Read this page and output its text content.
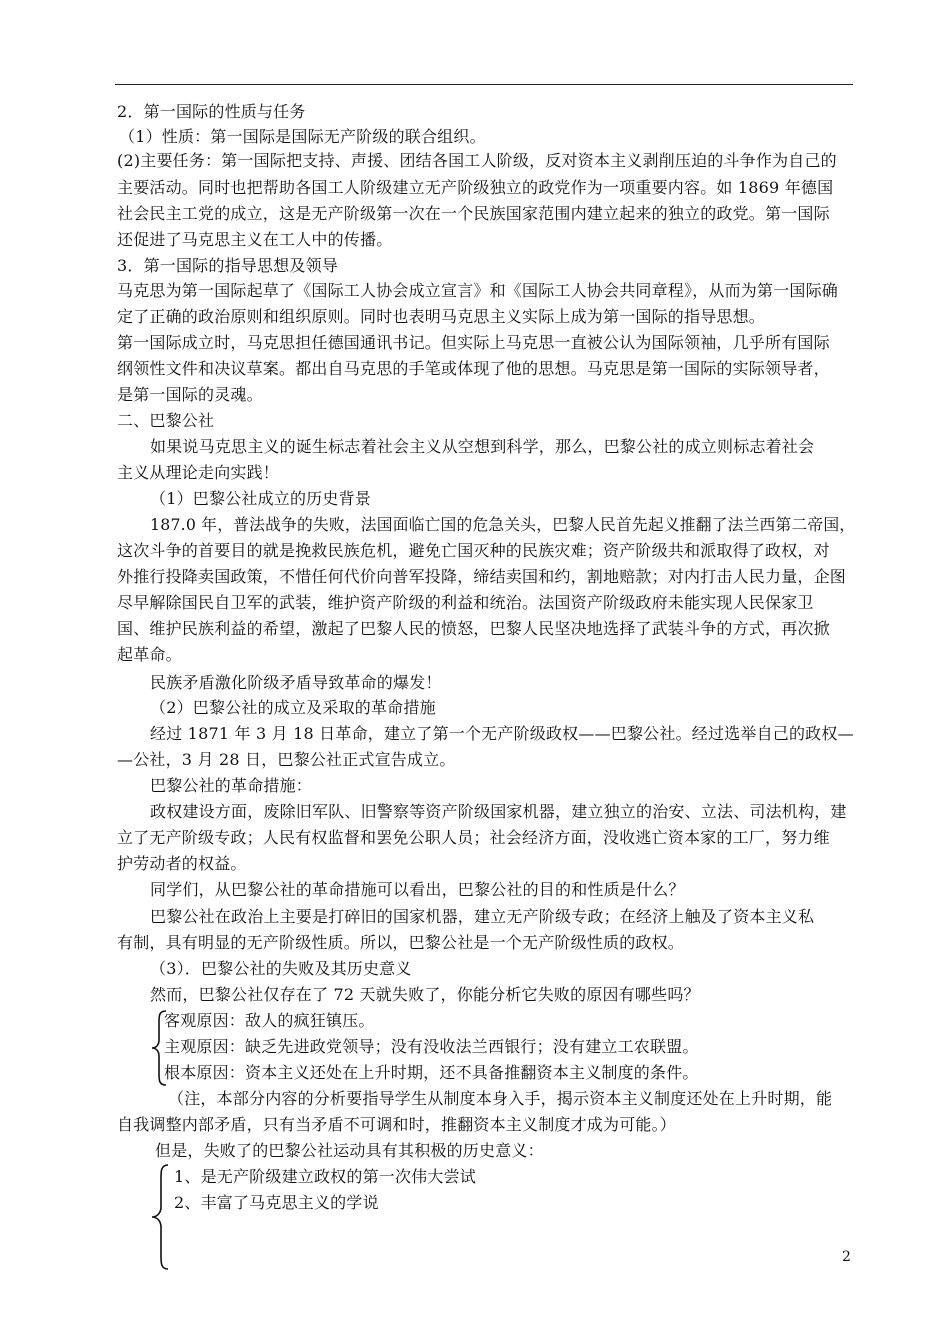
2．第一国际的性质与任务
（1）性质：第一国际是国际无产阶级的联合组织。
(2)主要任务：第一国际把支持、声援、团结各国工人阶级，反对资本主义剥削压迫的斗争作为自己的
主要活动。同时也把帮助各国工人阶级建立无产阶级独立的政党作为一项重要内容。如 1869 年德国
社会民主工党的成立，这是无产阶级第一次在一个民族国家范围内建立起来的独立的政党。第一国际
还促进了马克思主义在工人中的传播。
3．第一国际的指导思想及领导
马克思为第一国际起草了《国际工人协会成立宣言》和《国际工人协会共同章程》，从而为第一国际确
定了正确的政治原则和组织原则。同时也表明马克思主义实际上成为第一国际的指导思想。
第一国际成立时，马克思担任德国通讯书记。但实际上马克思一直被公认为国际领袖，几乎所有国际
纲领性文件和决议草案。都出自马克思的手笔或体现了他的思想。马克思是第一国际的实际领导者，
是第一国际的灵魂。
二、巴黎公社
如果说马克思主义的诞生标志着社会主义从空想到科学，那么，巴黎公社的成立则标志着社会
主义从理论走向实践！
（1）巴黎公社成立的历史背景
187.0 年，普法战争的失败，法国面临亡国的危急关头，巴黎人民首先起义推翻了法兰西第二帝国，
这次斗争的首要目的就是挽救民族危机，避免亡国灭种的民族灾难；资产阶级共和派取得了政权，对
外推行投降卖国政策，不惜任何代价向普军投降，缔结卖国和约，割地赔款；对内打击人民力量，企图
尽早解除国民自卫军的武装，维护资产阶级的利益和统治。法国资产阶级政府未能实现人民保家卫
国、维护民族利益的希望，激起了巴黎人民的愤怒，巴黎人民坚决地选择了武装斗争的方式，再次掀
起革命。
民族矛盾激化阶级矛盾导致革命的爆发！
（2）巴黎公社的成立及采取的革命措施
经过 1871 年 3 月 18 日革命，建立了第一个无产阶级政权——巴黎公社。经过选举自己的政权—
—公社，3 月 28 日，巴黎公社正式宣告成立。
巴黎公社的革命措施：
政权建设方面，废除旧军队、旧警察等资产阶级国家机器，建立独立的治安、立法、司法机构，建
立了无产阶级专政；人民有权监督和罢免公职人员；社会经济方面，没收逃亡资本家的工厂，努力维
护劳动者的权益。
同学们，从巴黎公社的革命措施可以看出，巴黎公社的目的和性质是什么？
巴黎公社在政治上主要是打碎旧的国家机器，建立无产阶级专政；在经济上触及了资本主义私
有制，具有明显的无产阶级性质。所以，巴黎公社是一个无产阶级性质的政权。
（3）．巴黎公社的失败及其历史意义
然而，巴黎公社仅存在了 72 天就失败了，你能分析它失败的原因有哪些吗？
客观原因：敌人的疯狂镇压。
主观原因：缺乏先进政党领导；没有没收法兰西银行；没有建立工农联盟。
根本原因：资本主义还处在上升时期，还不具备推翻资本主义制度的条件。
（注，本部分内容的分析要指导学生从制度本身入手，揭示资本主义制度还处在上升时期，能
自我调整内部矛盾，只有当矛盾不可调和时，推翻资本主义制度才成为可能。）
但是，失败了的巴黎公社运动具有其积极的历史意义：
1、是无产阶级建立政权的第一次伟大尝试
2、丰富了马克思主义的学说
2
